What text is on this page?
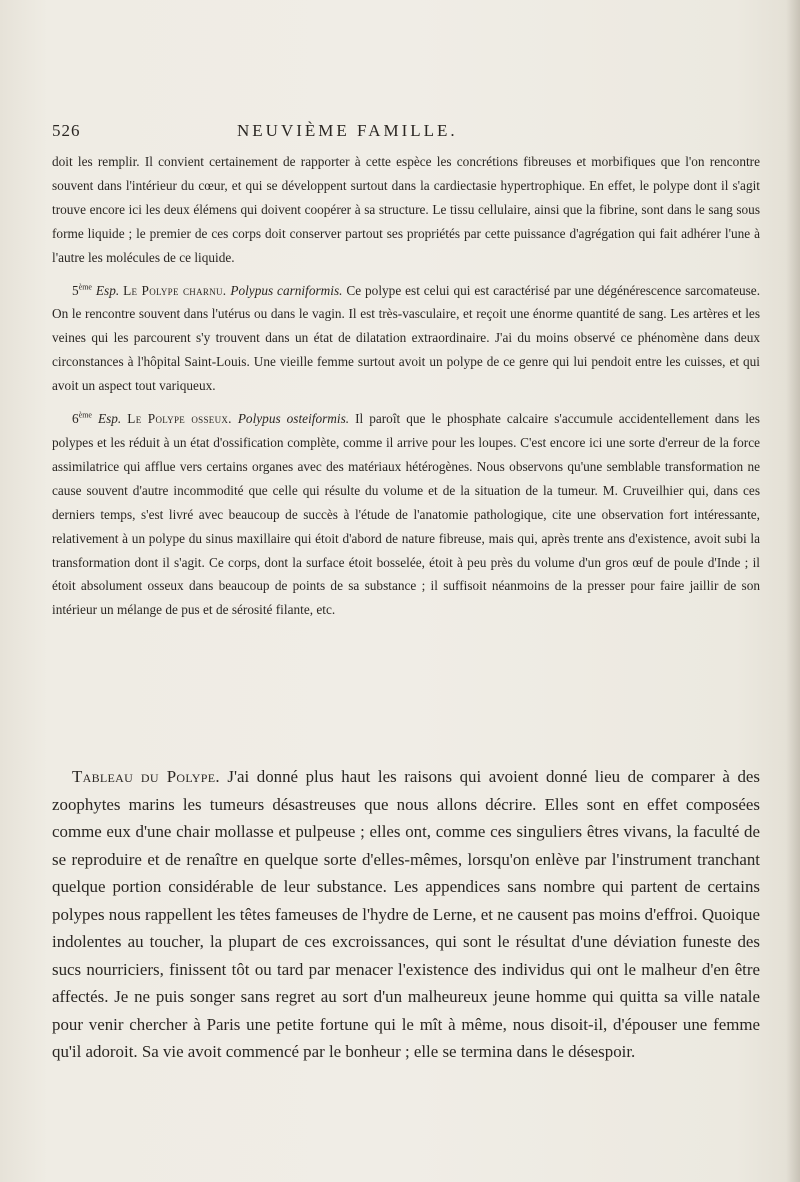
526	NEUVIÈME FAMILLE.

doit les remplir. Il convient certainement de rapporter à cette espèce les concrétions fibreuses et morbifiques que l'on rencontre souvent dans l'intérieur du cœur, et qui se développent surtout dans la cardiectasie hypertrophique. En effet, le polype dont il s'agit trouve encore ici les deux élémens qui doivent coopérer à sa structure. Le tissu cellulaire, ainsi que la fibrine, sont dans le sang sous forme liquide ; le premier de ces corps doit conserver partout ses propriétés par cette puissance d'agrégation qui fait adhérer l'une à l'autre les molécules de ce liquide.

5ème Esp. Le Polype charnu. Polypus carniformis. Ce polype est celui qui est caractérisé par une dégénérescence sarcomateuse. On le rencontre souvent dans l'utérus ou dans le vagin. Il est très-vasculaire, et reçoit une énorme quantité de sang. Les artères et les veines qui les parcourent s'y trouvent dans un état de dilatation extraordinaire. J'ai du moins observé ce phénomène dans deux circonstances à l'hôpital Saint-Louis. Une vieille femme surtout avoit un polype de ce genre qui lui pendoit entre les cuisses, et qui avoit un aspect tout variqueux.

6ème Esp. Le Polype osseux. Polypus osteiformis. Il paroît que le phosphate calcaire s'accumule accidentellement dans les polypes et les réduit à un état d'ossification complète, comme il arrive pour les loupes. C'est encore ici une sorte d'erreur de la force assimilatrice qui afflue vers certains organes avec des matériaux hétérogènes. Nous observons qu'une semblable transformation ne cause souvent d'autre incommodité que celle qui résulte du volume et de la situation de la tumeur. M. Cruveilhier qui, dans ces derniers temps, s'est livré avec beaucoup de succès à l'étude de l'anatomie pathologique, cite une observation fort intéressante, relativement à un polype du sinus maxillaire qui étoit d'abord de nature fibreuse, mais qui, après trente ans d'existence, avoit subi la transformation dont il s'agit. Ce corps, dont la surface étoit bosselée, étoit à peu près du volume d'un gros œuf de poule d'Inde ; il étoit absolument osseux dans beaucoup de points de sa substance ; il suffisoit néanmoins de la presser pour faire jaillir de son intérieur un mélange de pus et de sérosité filante, etc.

Tableau du Polype. J'ai donné plus haut les raisons qui avoient donné lieu de comparer à des zoophytes marins les tumeurs désastreuses que nous allons décrire. Elles sont en effet composées comme eux d'une chair mollasse et pulpeuse ; elles ont, comme ces singuliers êtres vivans, la faculté de se reproduire et de renaître en quelque sorte d'elles-mêmes, lorsqu'on enlève par l'instrument tranchant quelque portion considérable de leur substance. Les appendices sans nombre qui partent de certains polypes nous rappellent les têtes fameuses de l'hydre de Lerne, et ne causent pas moins d'effroi. Quoique indolentes au toucher, la plupart de ces excroissances, qui sont le résultat d'une déviation funeste des sucs nourriciers, finissent tôt ou tard par menacer l'existence des individus qui ont le malheur d'en être affectés. Je ne puis songer sans regret au sort d'un malheureux jeune homme qui quitta sa ville natale pour venir chercher à Paris une petite fortune qui le mît à même, nous disoit-il, d'épouser une femme qu'il adoroit. Sa vie avoit commencé par le bonheur ; elle se termina dans le désespoir.
